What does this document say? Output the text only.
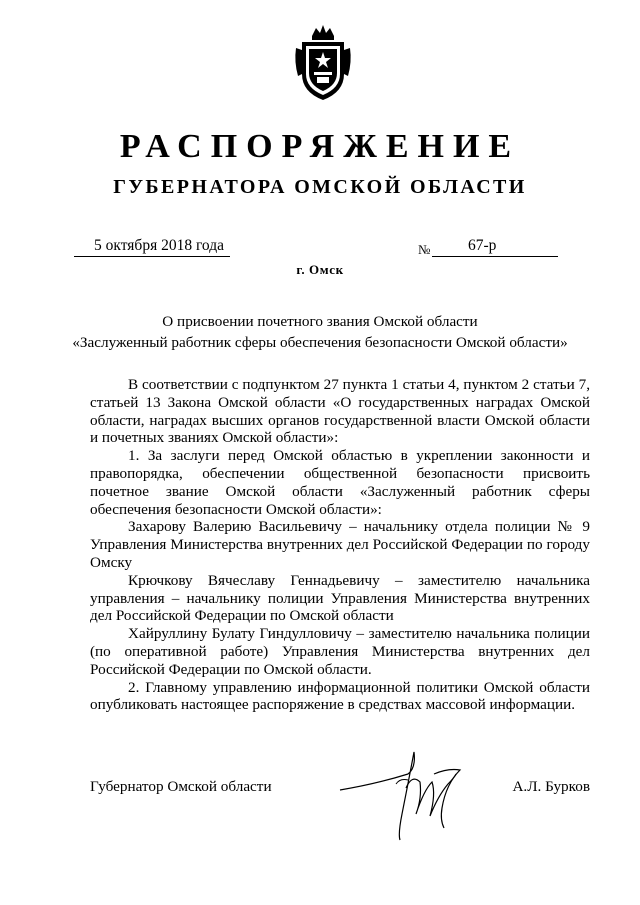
РАСПОРЯЖЕНИЕ
ГУБЕРНАТОРА ОМСКОЙ ОБЛАСТИ
5 октября 2018 года	№	67-р
г. Омск
О присвоении почетного звания Омской области
«Заслуженный работник сферы обеспечения безопасности Омской области»

В соответствии с подпунктом 27 пункта 1 статьи 4, пунктом 2 статьи 7, статьей 13 Закона Омской области «О государственных наградах Омской области, наградах высших органов государственной власти Омской области и почетных званиях Омской области»:

1. За заслуги перед Омской областью в укреплении законности и правопорядка, обеспечении общественной безопасности присвоить почетное звание Омской области «Заслуженный работник сферы обеспечения безопасности Омской области»:

Захарову Валерию Васильевичу – начальнику отдела полиции № 9 Управления Министерства внутренних дел Российской Федерации по городу Омску

Крючкову Вячеславу Геннадьевичу – заместителю начальника управления – начальнику полиции Управления Министерства внутренних дел Российской Федерации по Омской области

Хайруллину Булату Гиндулловичу – заместителю начальника полиции (по оперативной работе) Управления Министерства внутренних дел Российской Федерации по Омской области.

2. Главному управлению информационной политики Омской области опубликовать настоящее распоряжение в средствах массовой информации.

Губернатор Омской области	А.Л. Бурков
